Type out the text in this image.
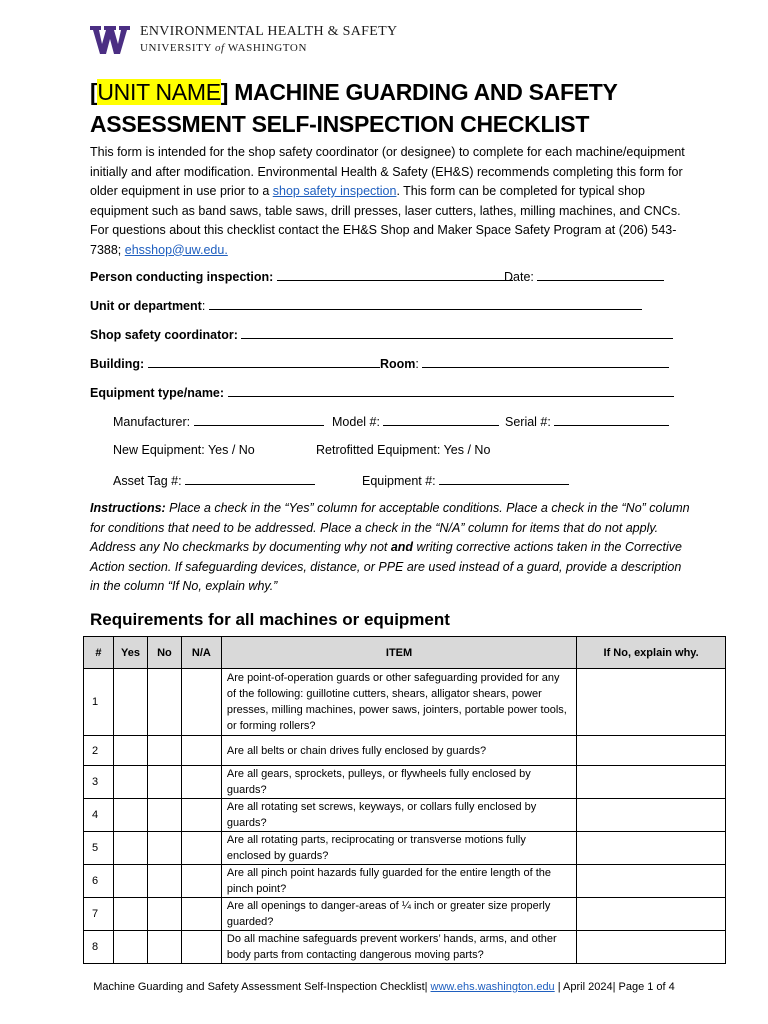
ENVIRONMENTAL HEALTH & SAFETY
UNIVERSITY of WASHINGTON
[UNIT NAME] MACHINE GUARDING AND SAFETY
ASSESSMENT SELF-INSPECTION CHECKLIST
This form is intended for the shop safety coordinator (or designee) to complete for each machine/equipment initially and after modification. Environmental Health & Safety (EH&S) recommends completing this form for older equipment in use prior to a shop safety inspection. This form can be completed for typical shop equipment such as band saws, table saws, drill presses, laser cutters, lathes, milling machines, and CNCs. For questions about this checklist contact the EH&S Shop and Maker Space Safety Program at (206) 543-7388; ehsshop@uw.edu.
Person conducting inspection:	Date:
Unit or department:
Shop safety coordinator:
Building:	Room:
Equipment type/name:
Manufacturer:	Model #:	Serial #:
New Equipment: Yes / No	Retrofitted Equipment: Yes / No
Asset Tag #:	Equipment #:
Instructions: Place a check in the “Yes” column for acceptable conditions. Place a check in the “No” column for conditions that need to be addressed. Place a check in the “N/A” column for items that do not apply. Address any No checkmarks by documenting why not and writing corrective actions taken in the Corrective Action section. If safeguarding devices, distance, or PPE are used instead of a guard, provide a description in the column “If No, explain why.”
Requirements for all machines or equipment
#	Yes	No	N/A	ITEM	If No, explain why.
1				Are point-of-operation guards or other safeguarding provided for any of the following: guillotine cutters, shears, alligator shears, power presses, milling machines, power saws, jointers, portable power tools, or forming rollers?	
2				Are all belts or chain drives fully enclosed by guards?	
3				Are all gears, sprockets, pulleys, or flywheels fully enclosed by guards?	
4				Are all rotating set screws, keyways, or collars fully enclosed by guards?	
5				Are all rotating parts, reciprocating or transverse motions fully enclosed by guards?	
6				Are all pinch point hazards fully guarded for the entire length of the pinch point?	
7				Are all openings to danger-areas of ¼ inch or greater size properly guarded?	
8				Do all machine safeguards prevent workers’ hands, arms, and other body parts from contacting dangerous moving parts?	
Machine Guarding and Safety Assessment Self-Inspection Checklist| www.ehs.washington.edu | April 2024| Page 1 of 4
